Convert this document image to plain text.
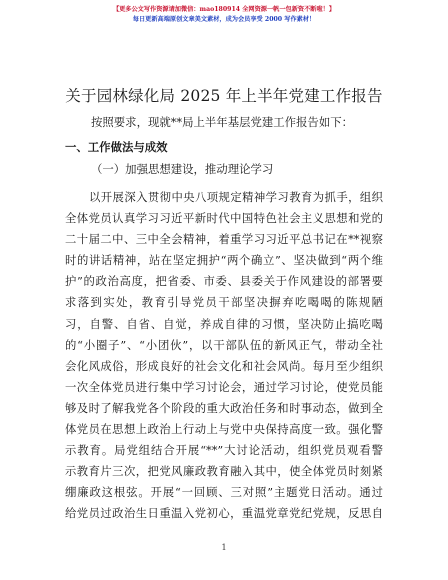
【更多公文写作资源请加微信：mao180914 全网资源一帆一包新资不断啦！】
每日更新高端原创文章美文素材，成为会员享受 2000 写作素材！
关于园林绿化局 2025 年上半年党建工作报告
按照要求，现就**局上半年基层党建工作报告如下：
一、工作做法与成效
（一）加强思想建设，推动理论学习
以开展深入贯彻中央八项规定精神学习教育为抓手，组织
全体党员认真学习习近平新时代中国特色社会主义思想和党的
二十届二中、三中全会精神，着重学习习近平总书记在**视察
时的讲话精神，站在坚定拥护“两个确立”、坚决做到“两个维
护”的政治高度，把省委、市委、县委关于作风建设的部署要
求落到实处，教育引导党员干部坚决摒弃吃喝喝的陈规陋
习，自警、自省、自觉，养成自律的习惯，坚决防止搞吃喝
的“小圈子”、“小团伙”，以干部队伍的新风正气，带动全社
会化风成俗，形成良好的社会文化和社会风尚。每月至少组织
一次全体党员进行集中学习讨论会，通过学习讨论，使党员能
够及时了解我党各个阶段的重大政治任务和时事动态，做到全
体党员在思想上政治上行动上与党中央保持高度一致。强化警
示教育。局党组结合开展“**”大讨论活动，组织党员观看警
示教育片三次，把党风廉政教育融入其中，使全体党员时刻紧
绷廉政这根弦。开展“一回顾、三对照”主题党日活动。通过
给党员过政治生日重温入党初心，重温党章党纪党规，反思自
1
